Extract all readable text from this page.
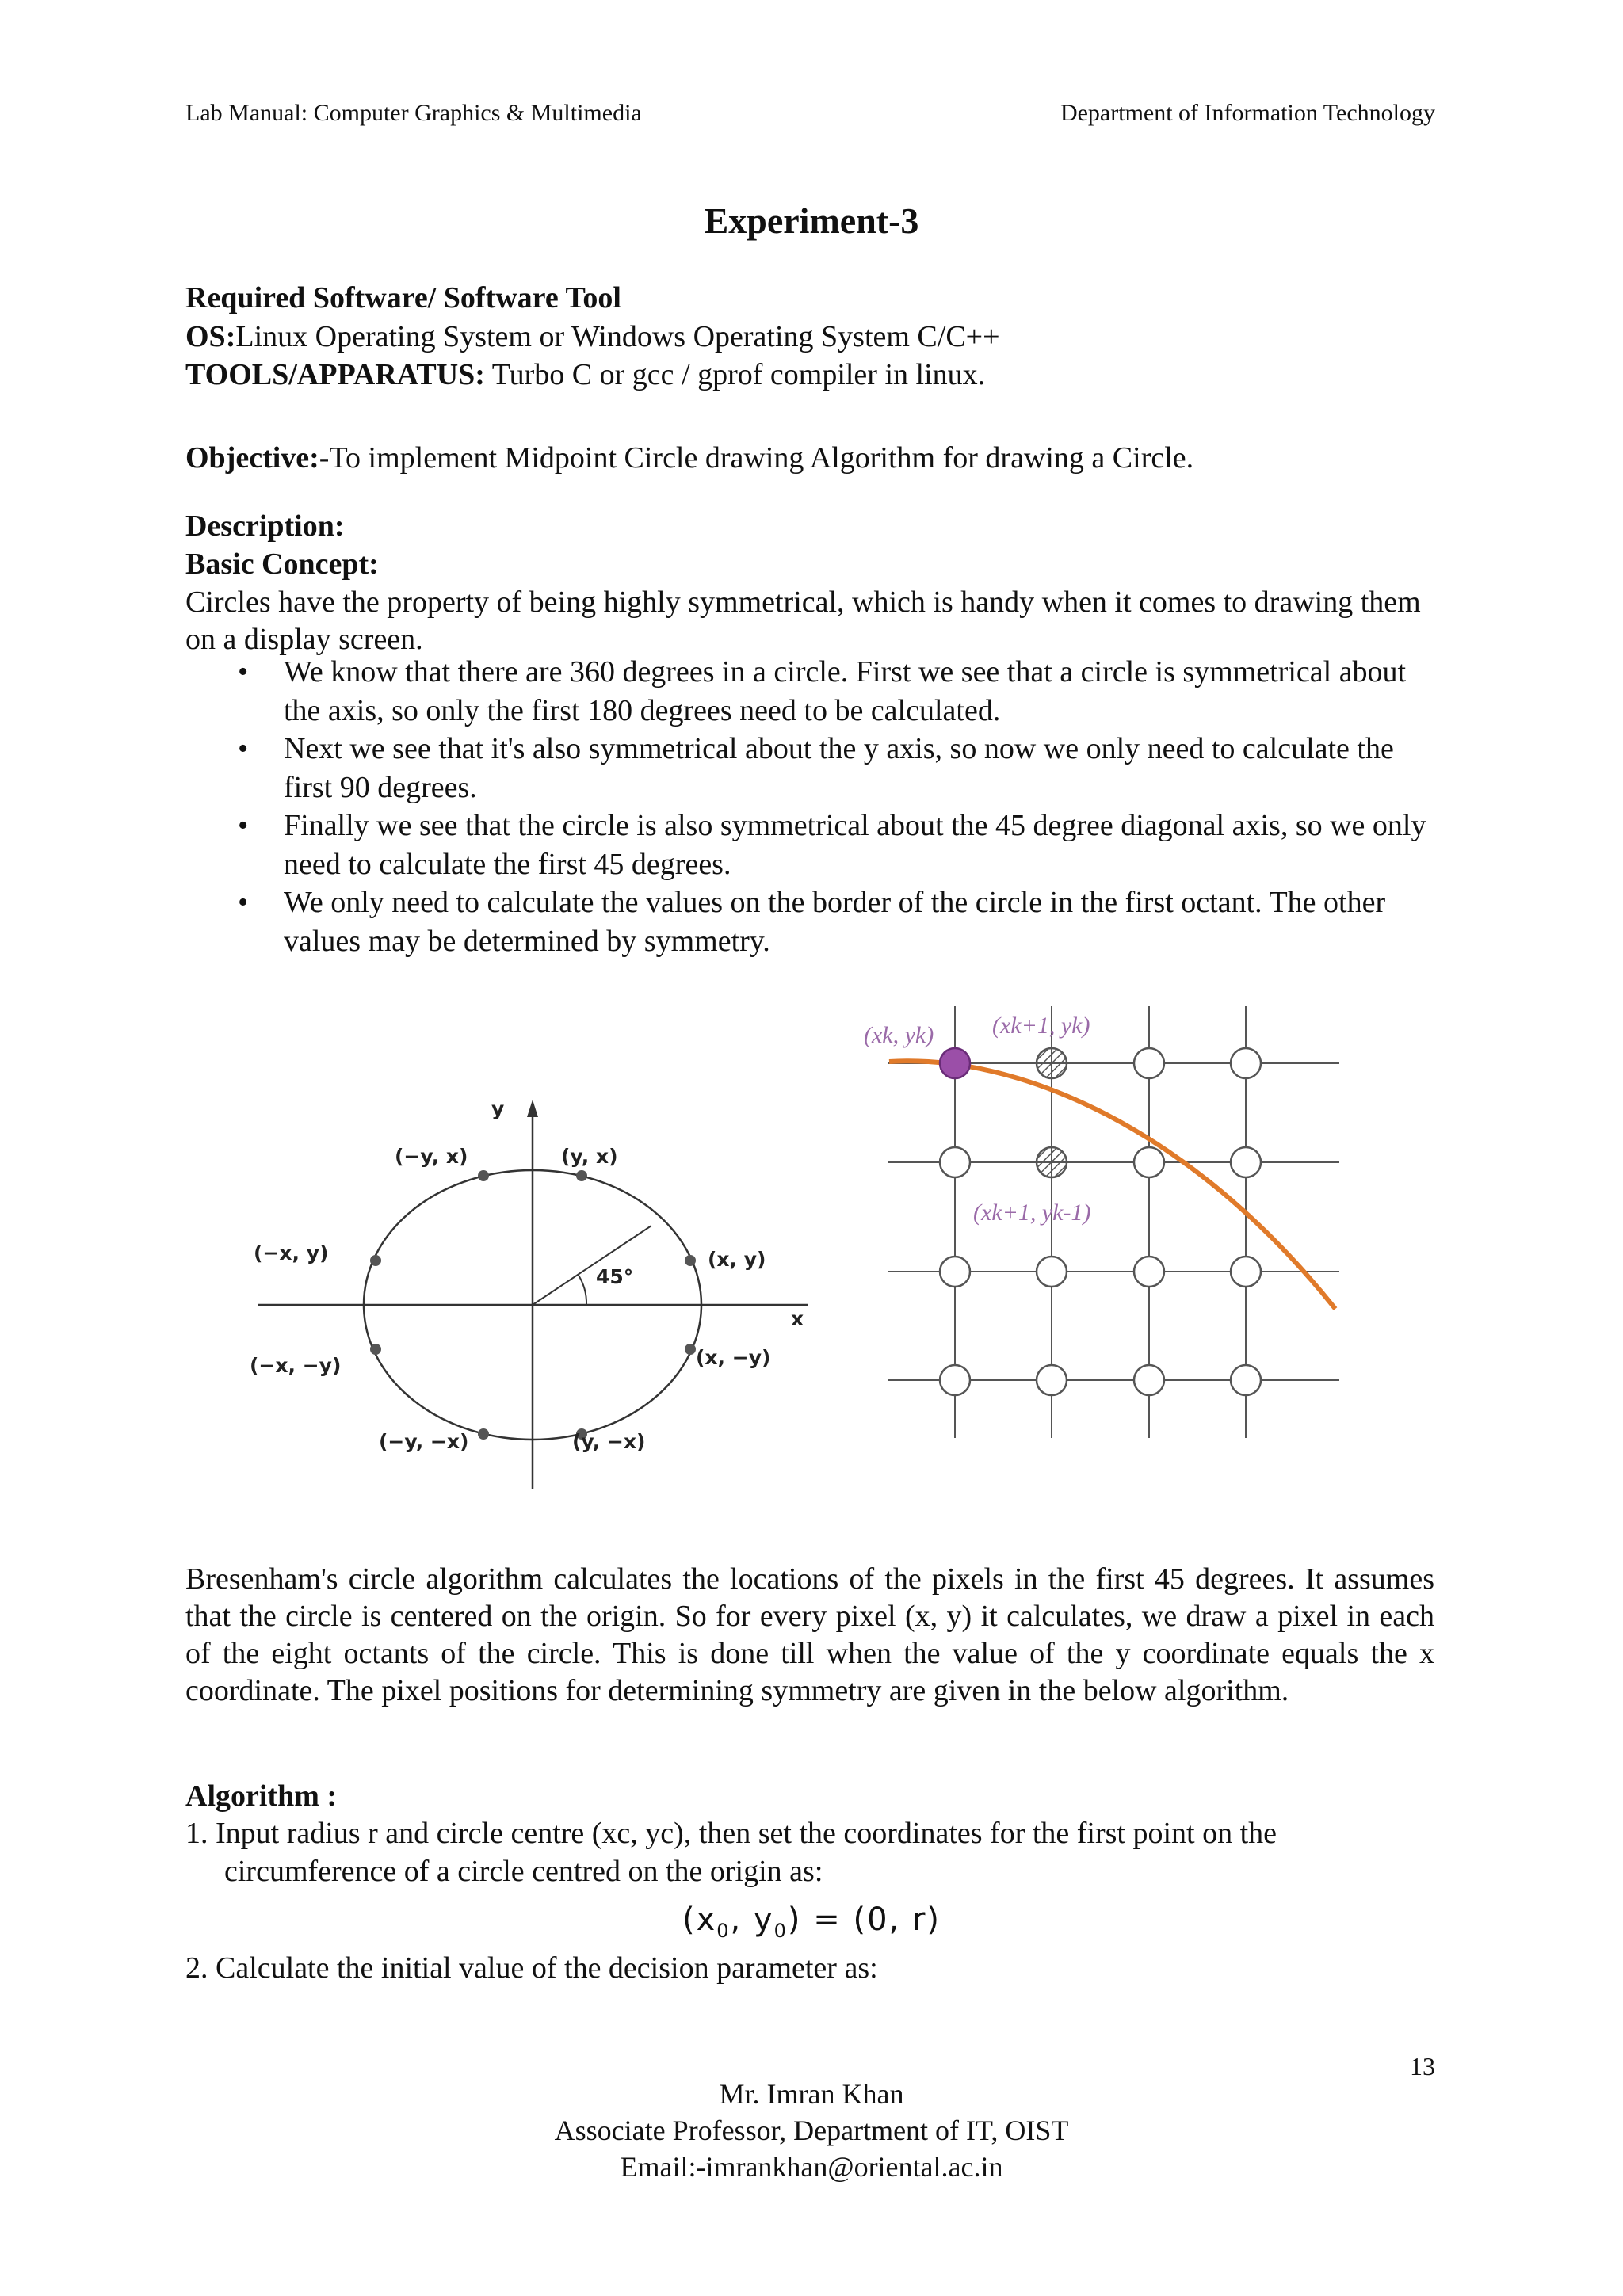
Lab Manual: Computer Graphics & Multimedia	Department of Information Technology
Experiment-3
Required Software/ Software Tool
OS:Linux Operating System or Windows Operating System C/C++
TOOLS/APPARATUS: Turbo C or gcc / gprof compiler in linux.
Objective:-To implement Midpoint Circle drawing Algorithm for drawing a Circle.
Description:
Basic Concept:
Circles have the property of being highly symmetrical, which is handy when it comes to drawing them on a display screen.
• We know that there are 360 degrees in a circle. First we see that a circle is symmetrical about the axis, so only the first 180 degrees need to be calculated.
• Next we see that it's also symmetrical about the y axis, so now we only need to calculate the first 90 degrees.
• Finally we see that the circle is also symmetrical about the 45 degree diagonal axis, so we only need to calculate the first 45 degrees.
• We only need to calculate the values on the border of the circle in the first octant. The other values may be determined by symmetry.
y
x
45°
(−y, x)	(y, x)
(−x, y)	(x, y)
(−x, −y)	(x, −y)
(−y, −x)	(y, −x)
(xk, yk) (xk+1, yk)
(xk+1, yk-1)
Bresenham's circle algorithm calculates the locations of the pixels in the first 45 degrees. It assumes that the circle is centered on the origin. So for every pixel (x, y) it calculates, we draw a pixel in each of the eight octants of the circle. This is done till when the value of the y coordinate equals the x coordinate. The pixel positions for determining symmetry are given in the below algorithm.
Algorithm :
1. Input radius r and circle centre (xc, yc), then set the coordinates for the first point on the
circumference of a circle centred on the origin as:
($x_0$, $y_0) = (0$, r)
2. Calculate the initial value of the decision parameter as:
13
Mr. Imran Khan
Associate Professor, Department of IT, OIST
Email:-imrankhan@oriental.ac.in
